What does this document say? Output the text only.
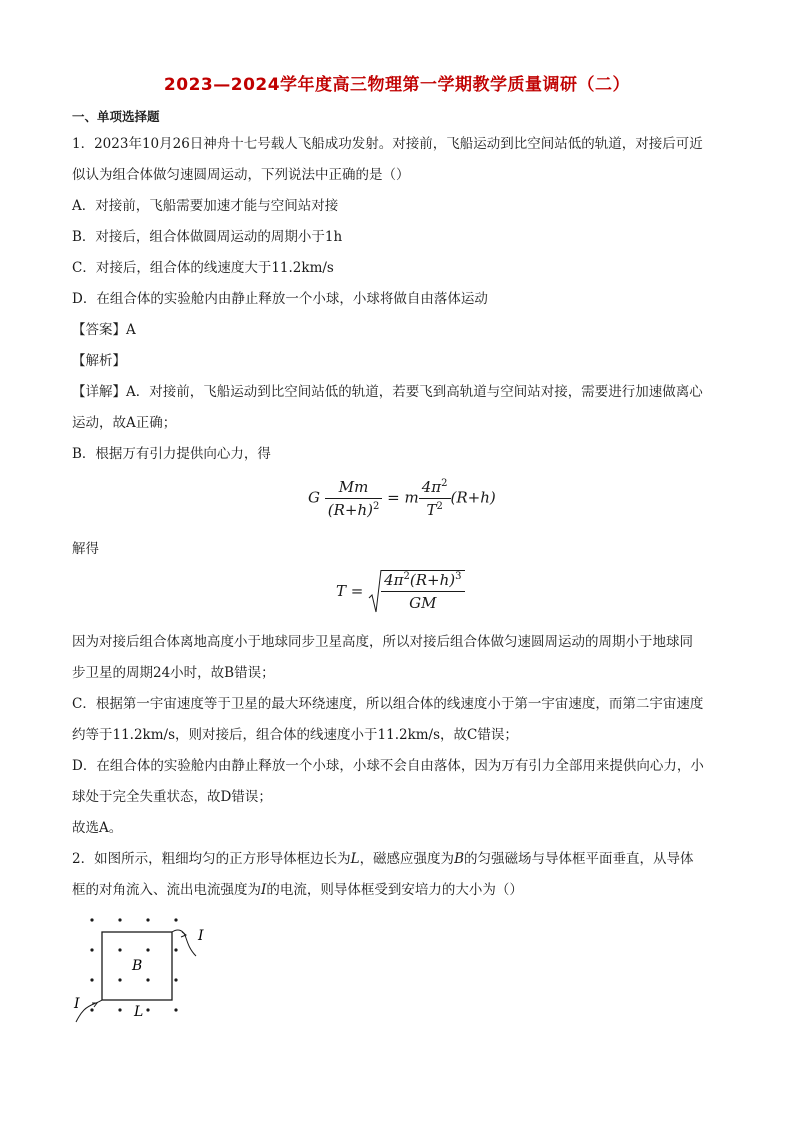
2023—2024学年度高三物理第一学期教学质量调研（二）
一、单项选择题
1．2023年10月26日神舟十七号载人飞船成功发射。对接前，飞船运动到比空间站低的轨道，对接后可近
似认为组合体做匀速圆周运动，下列说法中正确的是（）
A．对接前，飞船需要加速才能与空间站对接
B．对接后，组合体做圆周运动的周期小于1h
C．对接后，组合体的线速度大于11.2km/s
D．在组合体的实验舱内由静止释放一个小球，小球将做自由落体运动
【答案】A
【解析】
【详解】A．对接前，飞船运动到比空间站低的轨道，若要飞到高轨道与空间站对接，需要进行加速做离心
运动，故A正确；
B．根据万有引力提供向心力，得
G $\frac{Mm}{(R+h)^2} = m \frac{4\pi^2}{T^2} (R+h)$
解得
$T = \frac{4\pi^2(R+h)^3}{GM}$
因为对接后组合体离地高度小于地球同步卫星高度，所以对接后组合体做匀速圆周运动的周期小于地球同
步卫星的周期24小时，故B错误；
C．根据第一宇宙速度等于卫星的最大环绕速度，所以组合体的线速度小于第一宇宙速度，而第二宇宙速度
约等于11.2km/s，则对接后，组合体的线速度小于11.2km/s，故C错误；
D．在组合体的实验舱内由静止释放一个小球，小球不会自由落体，因为万有引力全部用来提供向心力，小
球处于完全失重状态，故D错误；
故选A。
2．如图所示，粗细均匀的正方形导体框边长为L，磁感应强度为B的匀强磁场与导体框平面垂直，从导体
框的对角流入、流出电流强度为I的电流，则导体框受到安培力的大小为（）
I
B
L
I
